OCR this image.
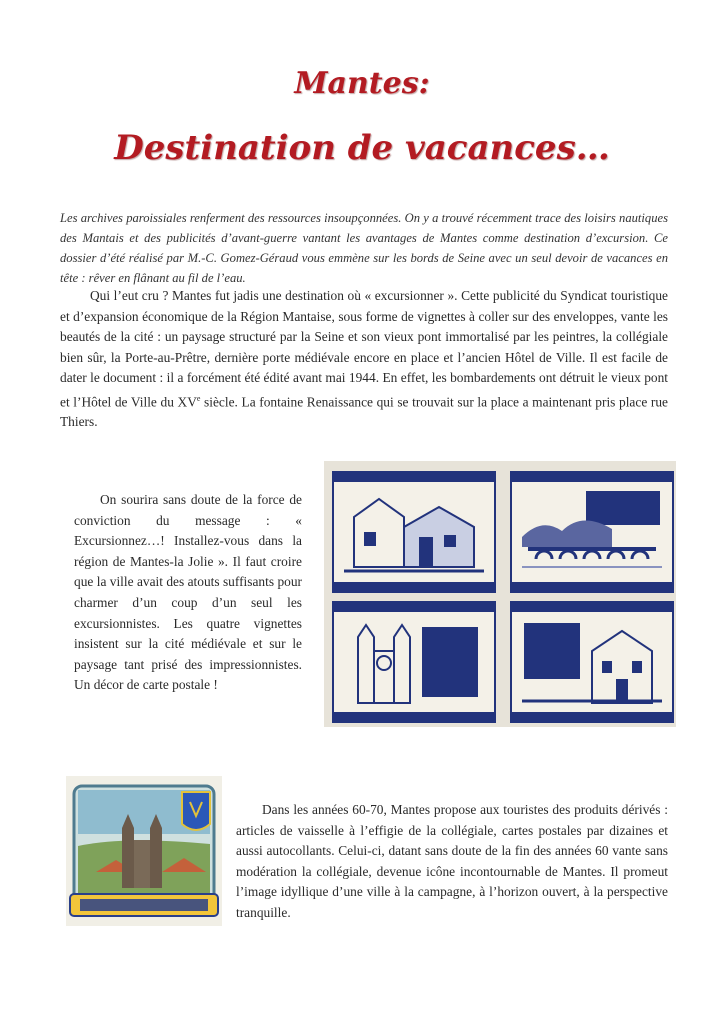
Mantes:
Destination de vacances…
Les archives paroissiales renferment des ressources insoupçonnées. On y a trouvé récemment trace des loisirs nautiques des Mantais et des publicités d’avant-guerre vantant les avantages de Mantes comme destination d’excursion. Ce dossier d’été réalisé par M.-C. Gomez-Géraud vous emmène sur les bords de Seine avec un seul devoir de vacances en tête : rêver en flânant au fil de l’eau.
Qui l’eut cru ? Mantes fut jadis une destination où « excursionner ». Cette publicité du Syndicat touristique et d’expansion économique de la Région Mantaise, sous forme de vignettes à coller sur des enveloppes, vante les beautés de la cité : un paysage structuré par la Seine et son vieux pont immortalisé par les peintres, la collégiale bien sûr, la Porte-au-Prêtre, dernière porte médiévale encore en place et l’ancien Hôtel de Ville. Il est facile de dater le document : il a forcément été édité avant mai 1944. En effet, les bombardements ont détruit le vieux pont et l’Hôtel de Ville du XVe siècle. La fontaine Renaissance qui se trouvait sur la place a maintenant pris place rue Thiers.
On sourira sans doute de la force de conviction du message : « Excursionnez…! Installez-vous dans la région de Mantes-la Jolie ». Il faut croire que la ville avait des atouts suffisants pour charmer d’un coup d’un seul les excursionnistes. Les quatre vignettes insistent sur la cité médiévale et sur le paysage tant prisé des impressionnistes. Un décor de carte postale !
Dans les années 60-70, Mantes propose aux touristes des produits dérivés : articles de vaisselle à l’effigie de la collégiale, cartes postales par dizaines et aussi autocollants. Celui-ci, datant sans doute de la fin des années 60 vante sans modération la collégiale, devenue icône incontournable de Mantes. Il promeut l’image idyllique d’une ville à la campagne, à l’horizon ouvert, à la perspective tranquille.
